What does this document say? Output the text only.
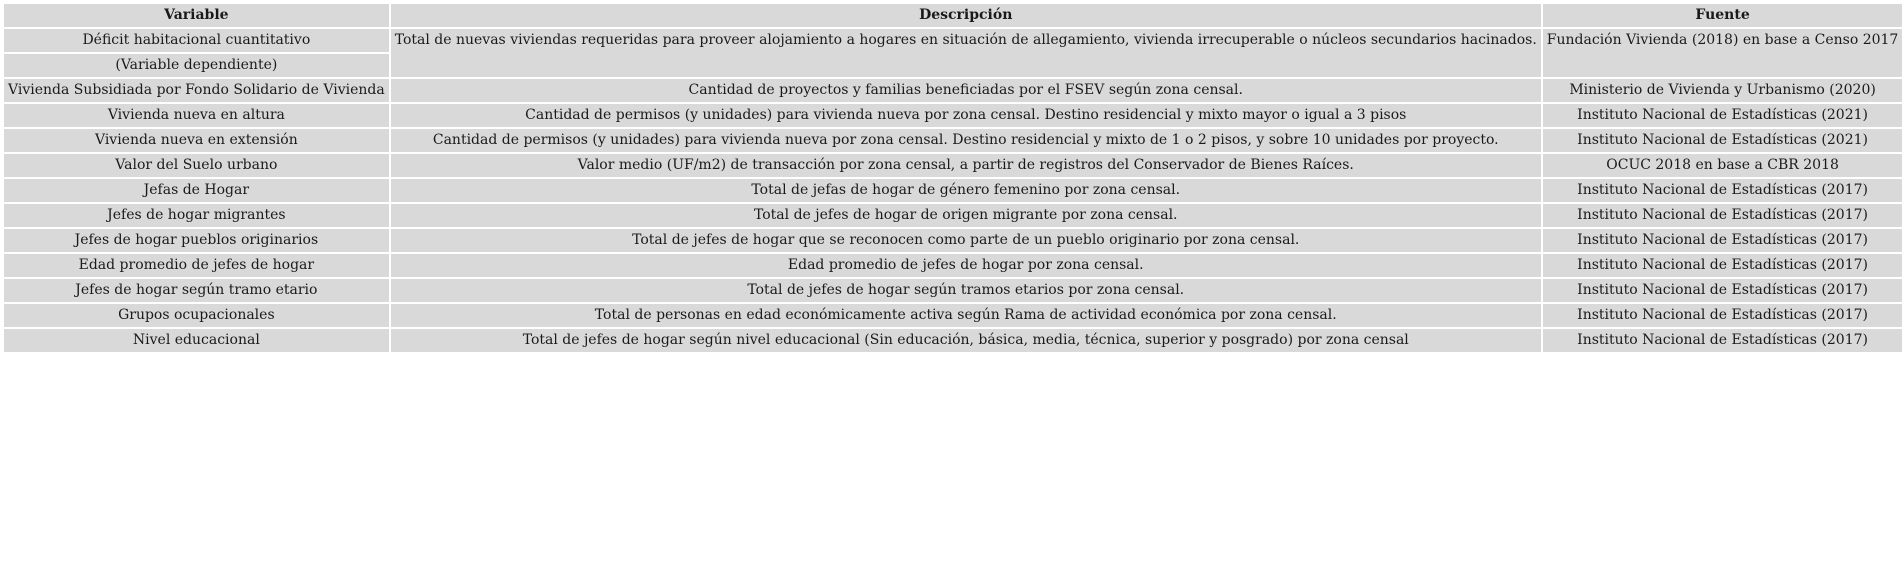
Variable	Descripción	Fuente
Déficit habitacional cuantitativo	Total de nuevas viviendas requeridas para proveer alojamiento a hogares en situación de allegamiento, vivienda irrecuperable o núcleos secundarios hacinados.	Fundación Vivienda (2018) en base a Censo 2017
(Variable dependiente)		
Vivienda Subsidiada por Fondo Solidario de Vivienda	Cantidad de proyectos y familias beneficiadas por el FSEV según zona censal.	Ministerio de Vivienda y Urbanismo (2020)
Vivienda nueva en altura	Cantidad de permisos (y unidades) para vivienda nueva por zona censal. Destino residencial y mixto mayor o igual a 3 pisos	Instituto Nacional de Estadísticas (2021)
Vivienda nueva en extensión	Cantidad de permisos (y unidades) para vivienda nueva por zona censal. Destino residencial y mixto de 1 o 2 pisos, y sobre 10 unidades por proyecto.	Instituto Nacional de Estadísticas (2021)
Valor del Suelo urbano	Valor medio (UF/m2) de transacción por zona censal, a partir de registros del Conservador de Bienes Raíces.	OCUC 2018 en base a CBR 2018
Jefas de Hogar	Total de jefas de hogar de género femenino por zona censal.	Instituto Nacional de Estadísticas (2017)
Jefes de hogar migrantes	Total de jefes de hogar de origen migrante por zona censal.	Instituto Nacional de Estadísticas (2017)
Jefes de hogar pueblos originarios	Total de jefes de hogar que se reconocen como parte de un pueblo originario por zona censal.	Instituto Nacional de Estadísticas (2017)
Edad promedio de jefes de hogar	Edad promedio de jefes de hogar por zona censal.	Instituto Nacional de Estadísticas (2017)
Jefes de hogar según tramo etario	Total de jefes de hogar según tramos etarios por zona censal.	Instituto Nacional de Estadísticas (2017)
Grupos ocupacionales	Total de personas en edad económicamente activa según Rama de actividad económica por zona censal.	Instituto Nacional de Estadísticas (2017)
Nivel educacional	Total de jefes de hogar según nivel educacional (Sin educación, básica, media, técnica, superior y posgrado) por zona censal	Instituto Nacional de Estadísticas (2017)
